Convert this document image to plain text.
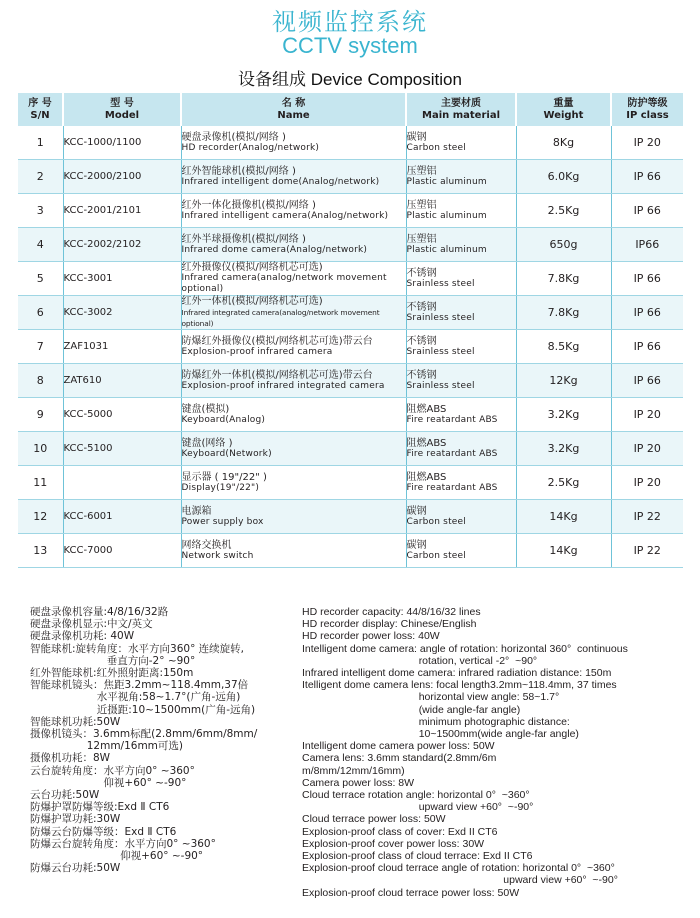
视频监控系统
CCTV system
设备组成 Device Composition
序 号
S/N	型 号
Model	名 称
Name	主要材质
Main material	重量
Weight	防护等级
IP class
1	KCC-1000/1100	硬盘录像机(模拟/网络 )
HD recorder(Analog/network)	碳钢
Carbon steel	8Kg	IP 20
2	KCC-2000/2100	红外智能球机(模拟/网络 )
Infrared intelligent dome(Analog/network)	压塑铝
Plastic aluminum	6.0Kg	IP 66
3	KCC-2001/2101	红外一体化摄像机(模拟/网络 )
Infrared intelligent camera(Analog/network)	压塑铝
Plastic aluminum	2.5Kg	IP 66
4	KCC-2002/2102	红外半球摄像机(模拟/网络 )
Infrared dome camera(Analog/network)	压塑铝
Plastic aluminum	650g	IP66
5	KCC-3001	红外摄像仪(模拟/网络机芯可选)
Infrared camera(analog/network movement optional)	不锈钢
Srainless steel	7.8Kg	IP 66
6	KCC-3002	红外一体机(模拟/网络机芯可选)
Infrared integrated camera(analog/network movement optional)	不锈钢
Srainless steel	7.8Kg	IP 66
7	ZAF1031	防爆红外摄像仪(模拟/网络机芯可选)带云台
Explosion-proof infrared camera	不锈钢
Srainless steel	8.5Kg	IP 66
8	ZAT610	防爆红外一体机(模拟/网络机芯可选)带云台
Explosion-proof infrared integrated camera	不锈钢
Srainless steel	12Kg	IP 66
9	KCC-5000	键盘(模拟)
Keyboard(Analog)	阻燃ABS
Fire reatardant ABS	3.2Kg	IP 20
10	KCC-5100	键盘(网络 )
Keyboard(Network)	阻燃ABS
Fire reatardant ABS	3.2Kg	IP 20
11		显示器 ( 19"/22" )
Display(19"/22")	阻燃ABS
Fire reatardant ABS	2.5Kg	IP 20
12	KCC-6001	电源箱
Power supply box	碳钢
Carbon steel	14Kg	IP 22
13	KCC-7000	网络交换机
Network switch	碳钢
Carbon steel	14Kg	IP 22
硬盘录像机容量:4/8/16/32路
硬盘录像机显示:中文/英文
硬盘录像机功耗: 40W
智能球机:旋转角度：水平方向360° 连续旋转,
垂直方向-2° ~90°
红外智能球机:红外照射距离:150m
智能球机镜头：焦距3.2mm~118.4mm,37倍
水平视角:58~1.7°(广角-远角)
近摄距:10~1500mm(广角-远角)
智能球机功耗:50W
摄像机镜头：3.6mm标配(2.8mm/6mm/8mm/
12mm/16mm可选)
摄像机功耗：8W
云台旋转角度：水平方向0° ~360°
仰视+60° ~-90°
云台功耗:50W
防爆护罩防爆等级:Exd Ⅱ CT6
防爆护罩功耗:30W
防爆云台防爆等级：Exd Ⅱ CT6
防爆云台旋转角度：水平方向0° ~360°
仰视+60° ~-90°
防爆云台功耗:50W
HD recorder capacity: 44/8/16/32 lines
HD recorder display: Chinese/English
HD recorder power loss: 40W
Intelligent dome camera: angle of rotation: horizontal 360°  continuous
rotation, vertical -2°  ~90°
Infrared intelligent dome camera: infrared radiation distance: 150m
Itelligent dome camera lens: focal length3.2mm~118.4mm, 37 times
horizontal view angle: 58~1.7°
(wide angle-far angle)
minimum photographic distance:
10~1500mm(wide angle-far angle)
Intelligent dome camera power loss: 50W
Camera lens: 3.6mm standard(2.8mm/6m
m/8mm/12mm/16mm)
Camera power loss: 8W
Cloud terrace rotation angle: horizontal 0°  ~360°
upward view +60°  ~-90°
Cloud terrace power loss: 50W
Explosion-proof class of cover: Exd II CT6
Explosion-proof cover power loss: 30W
Explosion-proof class of cloud terrace: Exd II CT6
Explosion-proof cloud terrace angle of rotation: horizontal 0°  ~360°
upward view +60°  ~-90°
Explosion-proof cloud terrace power loss: 50W
